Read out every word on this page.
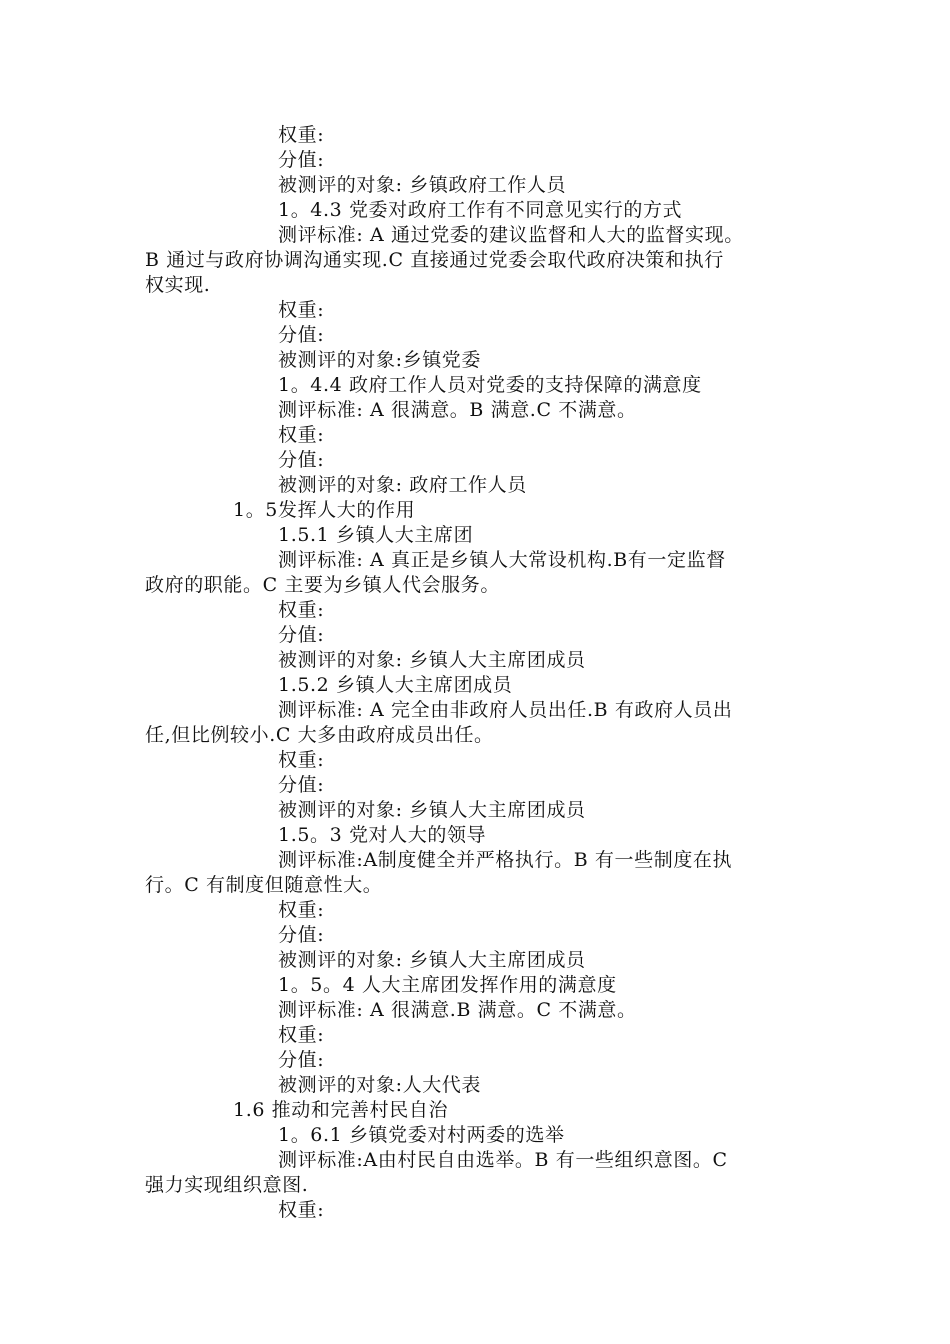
权重:
分值:
被测评的对象: 乡镇政府工作人员
1。4.3 党委对政府工作有不同意见实行的方式
测评标准: A 通过党委的建议监督和人大的监督实现。
B 通过与政府协调沟通实现.C 直接通过党委会取代政府决策和执行
权实现.
权重:
分值:
被测评的对象:乡镇党委
1。4.4 政府工作人员对党委的支持保障的满意度
测评标准: A 很满意。B 满意.C 不满意。
权重:
分值:
被测评的对象: 政府工作人员
1。5发挥人大的作用
1.5.1 乡镇人大主席团
测评标准: A 真正是乡镇人大常设机构.B有一定监督
政府的职能。C 主要为乡镇人代会服务。
权重:
分值:
被测评的对象: 乡镇人大主席团成员
1.5.2 乡镇人大主席团成员
测评标准: A 完全由非政府人员出任.B 有政府人员出
任,但比例较小.C 大多由政府成员出任。
权重:
分值:
被测评的对象: 乡镇人大主席团成员
1.5。3 党对人大的领导
测评标准:A制度健全并严格执行。B 有一些制度在执
行。C 有制度但随意性大。
权重:
分值:
被测评的对象: 乡镇人大主席团成员
1。5。4 人大主席团发挥作用的满意度
测评标准: A 很满意.B 满意。C 不满意。
权重:
分值:
被测评的对象:人大代表
1.6 推动和完善村民自治
1。6.1 乡镇党委对村两委的选举
测评标准:A由村民自由选举。B 有一些组织意图。C
强力实现组织意图.
权重:
